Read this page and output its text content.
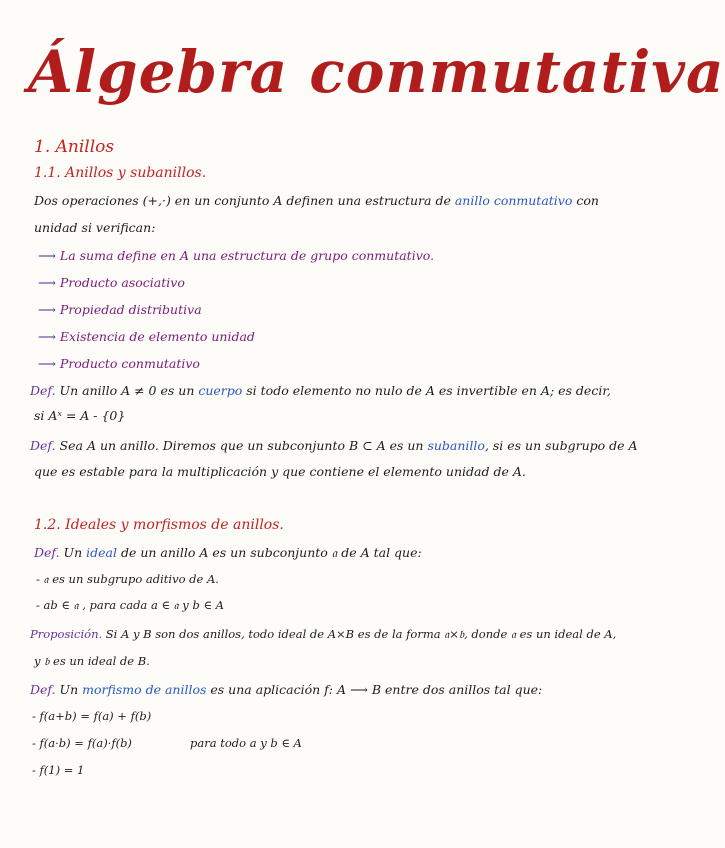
Álgebra conmutativa
1. Anillos
1.1. Anillos y subanillos.
Dos operaciones (+,·) en un conjunto A definen una estructura de anillo conmutativo con
unidad si verifican:
⟶ La suma define en A una estructura de grupo conmutativo.
⟶ Producto asociativo
⟶ Propiedad distributiva
⟶ Existencia de elemento unidad
⟶ Producto conmutativo
Def. Un anillo A ≠ 0 es un cuerpo si todo elemento no nulo de A es invertible en A; es decir,
si Aˣ = A - {0}
Def. Sea A un anillo. Diremos que un subconjunto B ⊂ A es un subanillo, si es un subgrupo de A
que es estable para la multiplicación y que contiene el elemento unidad de A.
1.2. Ideales y morfismos de anillos.
Def. Un ideal de un anillo A es un subconjunto 𝔞 de A tal que:
- 𝔞 es un subgrupo aditivo de A.
- ab ∈ 𝔞 , para cada a ∈ 𝔞 y b ∈ A
Proposición. Si A y B son dos anillos, todo ideal de A×B es de la forma 𝔞×𝔟, donde 𝔞 es un ideal de A,
y 𝔟 es un ideal de B.
Def. Un morfismo de anillos es una aplicación f: A ⟶ B entre dos anillos tal que:
- f(a+b) = f(a) + f(b)
- f(a·b) = f(a)·f(b)	para todo a y b ∈ A
- f(1) = 1
